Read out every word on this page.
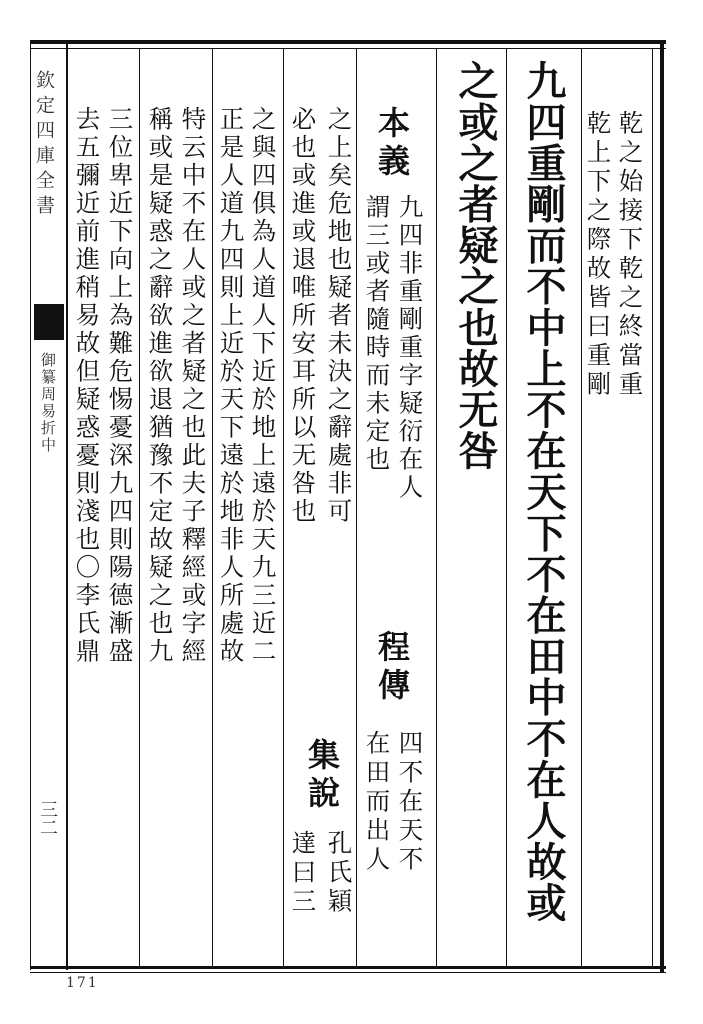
欽定四庫全書
御纂周易折中
三二
171
乾之始接下乾之終當重
乾上下之際故皆曰重剛
九四重剛而不中上不在天下不在田中不在人故或
之或之者疑之也故无咎
本義
九四非重剛重字疑衍在人
謂三或者隨時而未定也
程傳
四不在天不
在田而出人
之上矣危地也疑者未決之辭處非可
必也或進或退唯所安耳所以无咎也
集說
孔氏穎
達曰三
之與四俱為人道人下近於地上遠於天九三近二
正是人道九四則上近於天下遠於地非人所處故
特云中不在人或之者疑之也此夫子釋經或字經
稱或是疑惑之辭欲進欲退猶豫不定故疑之也九
三位卑近下向上為難危惕憂深九四則陽德漸盛
去五彌近前進稍易故但疑惑憂則淺也〇李氏鼎
